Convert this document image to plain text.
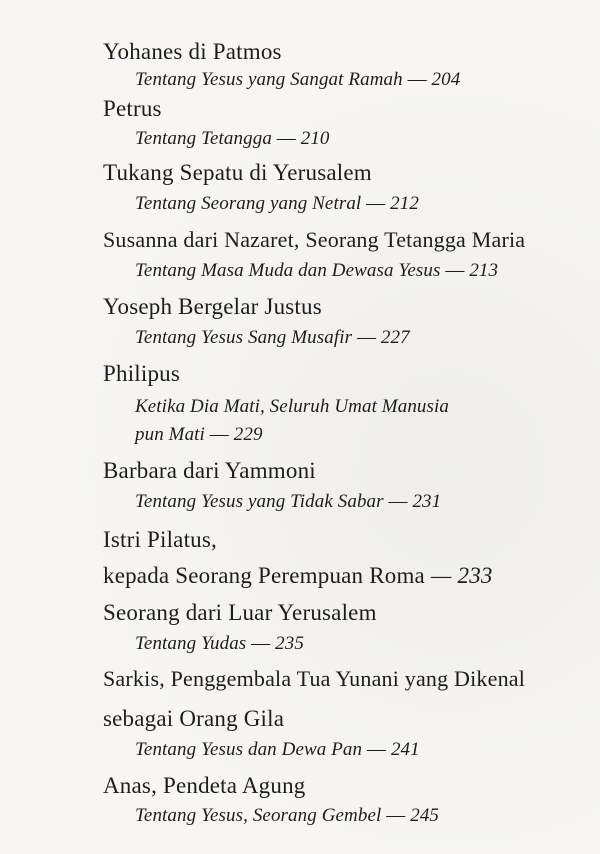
Yohanes di Patmos
Tentang Yesus yang Sangat Ramah — 204
Petrus
Tentang Tetangga — 210
Tukang Sepatu di Yerusalem
Tentang Seorang yang Netral — 212
Susanna dari Nazaret, Seorang Tetangga Maria
Tentang Masa Muda dan Dewasa Yesus — 213
Yoseph Bergelar Justus
Tentang Yesus Sang Musafir — 227
Philipus
Ketika Dia Mati, Seluruh Umat Manusia
pun Mati — 229
Barbara dari Yammoni
Tentang Yesus yang Tidak Sabar — 231
Istri Pilatus,
kepada Seorang Perempuan Roma — 233
Seorang dari Luar Yerusalem
Tentang Yudas — 235
Sarkis, Penggembala Tua Yunani yang Dikenal
sebagai Orang Gila
Tentang Yesus dan Dewa Pan — 241
Anas, Pendeta Agung
Tentang Yesus, Seorang Gembel — 245
